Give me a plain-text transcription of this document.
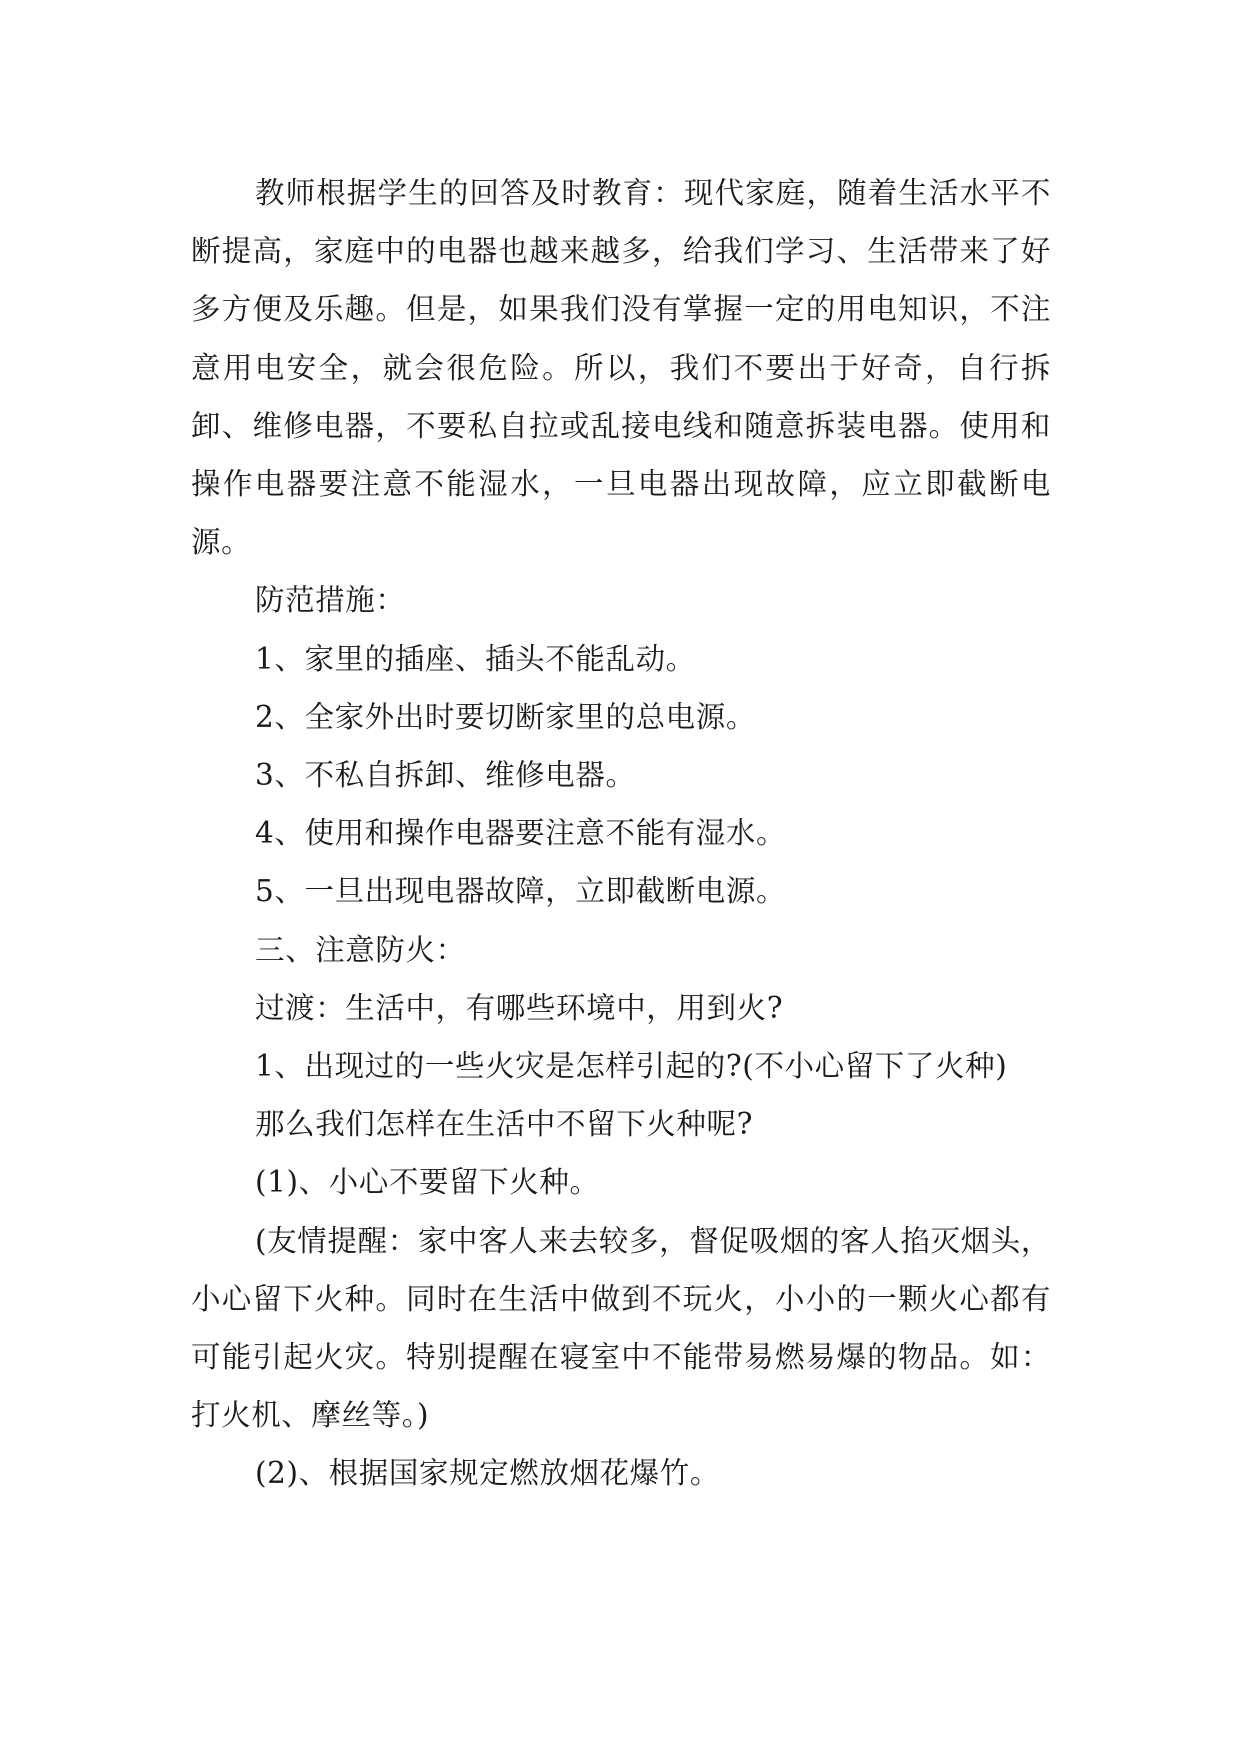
教师根据学生的回答及时教育：现代家庭，随着生活水平不断提高，家庭中的电器也越来越多，给我们学习、生活带来了好多方便及乐趣。但是，如果我们没有掌握一定的用电知识，不注意用电安全，就会很危险。所以，我们不要出于好奇，自行拆卸、维修电器，不要私自拉或乱接电线和随意拆装电器。使用和操作电器要注意不能湿水，一旦电器出现故障，应立即截断电源。

防范措施：

1、家里的插座、插头不能乱动。

2、全家外出时要切断家里的总电源。

3、不私自拆卸、维修电器。

4、使用和操作电器要注意不能有湿水。

5、一旦出现电器故障，立即截断电源。

三、注意防火：

过渡：生活中，有哪些环境中，用到火?

1、出现过的一些火灾是怎样引起的?(不小心留下了火种)

那么我们怎样在生活中不留下火种呢?

(1)、小心不要留下火种。

(友情提醒：家中客人来去较多，督促吸烟的客人掐灭烟头，小心留下火种。同时在生活中做到不玩火，小小的一颗火心都有可能引起火灾。特别提醒在寝室中不能带易燃易爆的物品。如：打火机、摩丝等。)

(2)、根据国家规定燃放烟花爆竹。
